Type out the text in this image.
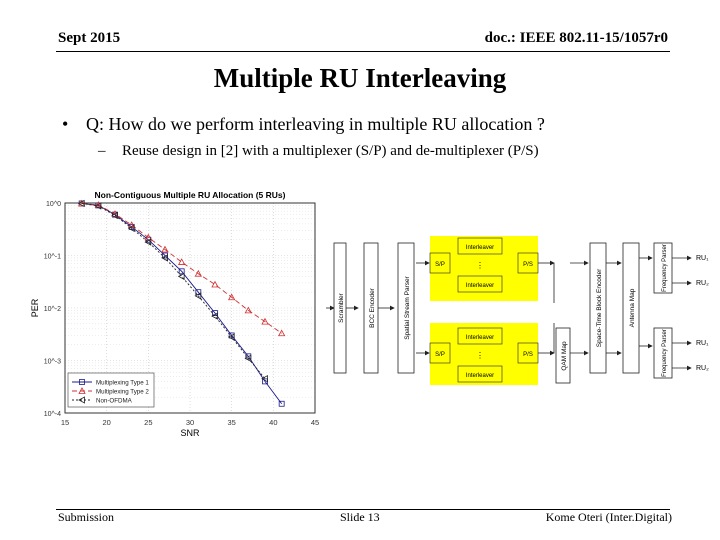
Sept 2015	doc.: IEEE 802.11-15/1057r0
Multiple RU Interleaving
• Q: How do we perform interleaving in multiple RU allocation ?
– Reuse design in [2] with a multiplexer (S/P) and de-multiplexer (P/S)
Non-Contiguous Multiple RU Allocation (5 RUs)
15	20	25	30	35	40	45
10^0
10^-1
10^-2
10^-3
10^-4
SNR
PER
Multiplexing Type 1
Multiplexing Type 2
Non-OFDMA
Scrambler	BCC Encoder	Spatial Stream Parser
S/P
Interleaver
⋮
Interleaver
P/S
S/P
Interleaver
⋮
Interleaver
P/S	QAM Map
Space-Time Block Encoder	Antenna Map
Frequency Parser
Frequency Parser
RU₁
RU₂
RU₁
RU₂
Submission	Slide 13	Kome Oteri (Inter.Digital)
